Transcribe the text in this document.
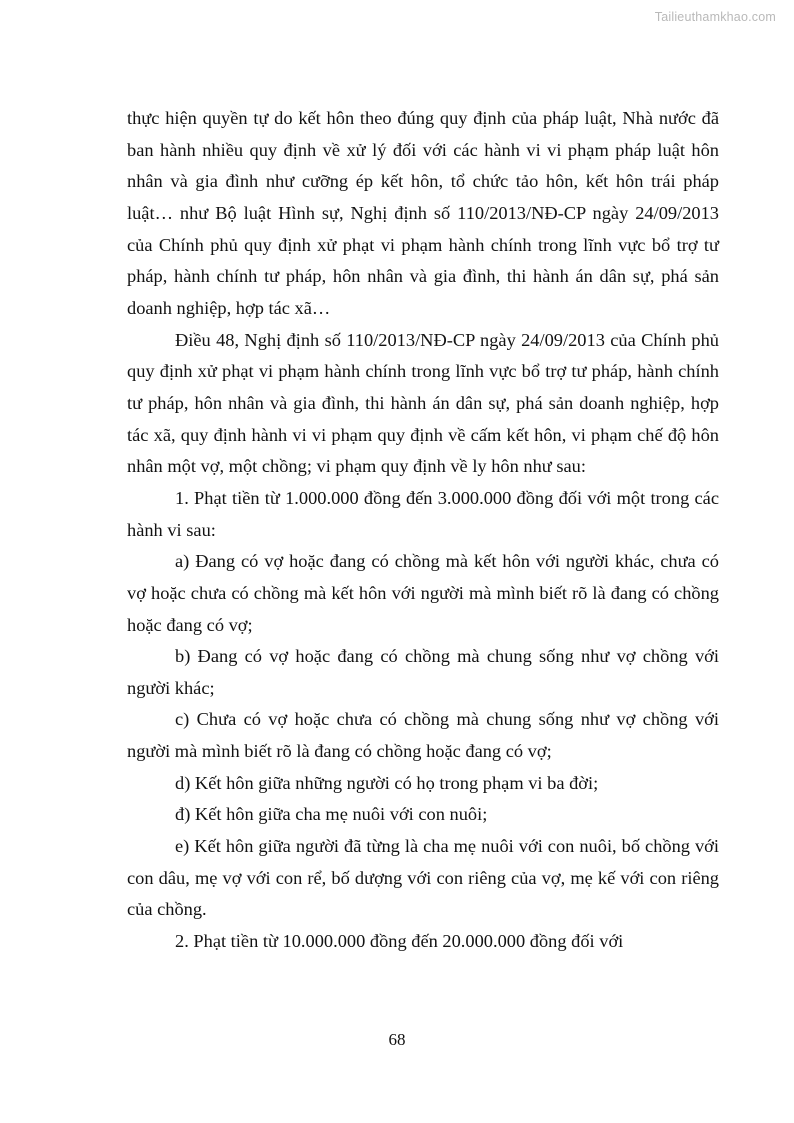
Tailieuthamkhao.com

thực hiện quyền tự do kết hôn theo đúng quy định của pháp luật, Nhà nước đã ban hành nhiều quy định về xử lý đối với các hành vi vi phạm pháp luật hôn nhân và gia đình như cưỡng ép kết hôn, tổ chức tảo hôn, kết hôn trái pháp luật… như Bộ luật Hình sự, Nghị định số 110/2013/NĐ-CP ngày 24/09/2013 của Chính phủ quy định xử phạt vi phạm hành chính trong lĩnh vực bổ trợ tư pháp, hành chính tư pháp, hôn nhân và gia đình, thi hành án dân sự, phá sản doanh nghiệp, hợp tác xã…

Điều 48, Nghị định số 110/2013/NĐ-CP ngày 24/09/2013 của Chính phủ quy định xử phạt vi phạm hành chính trong lĩnh vực bổ trợ tư pháp, hành chính tư pháp, hôn nhân và gia đình, thi hành án dân sự, phá sản doanh nghiệp, hợp tác xã, quy định hành vi vi phạm quy định về cấm kết hôn, vi phạm chế độ hôn nhân một vợ, một chồng; vi phạm quy định về ly hôn như sau:

1. Phạt tiền từ 1.000.000 đồng đến 3.000.000 đồng đối với một trong các hành vi sau:

a) Đang có vợ hoặc đang có chồng mà kết hôn với người khác, chưa có vợ hoặc chưa có chồng mà kết hôn với người mà mình biết rõ là đang có chồng hoặc đang có vợ;

b) Đang có vợ hoặc đang có chồng mà chung sống như vợ chồng với người khác;

c) Chưa có vợ hoặc chưa có chồng mà chung sống như vợ chồng với người mà mình biết rõ là đang có chồng hoặc đang có vợ;

d) Kết hôn giữa những người có họ trong phạm vi ba đời;

đ) Kết hôn giữa cha mẹ nuôi với con nuôi;

e) Kết hôn giữa người đã từng là cha mẹ nuôi với con nuôi, bố chồng với con dâu, mẹ vợ với con rể, bố dượng với con riêng của vợ, mẹ kế với con riêng của chồng.

2. Phạt tiền từ 10.000.000 đồng đến 20.000.000 đồng đối với

68
